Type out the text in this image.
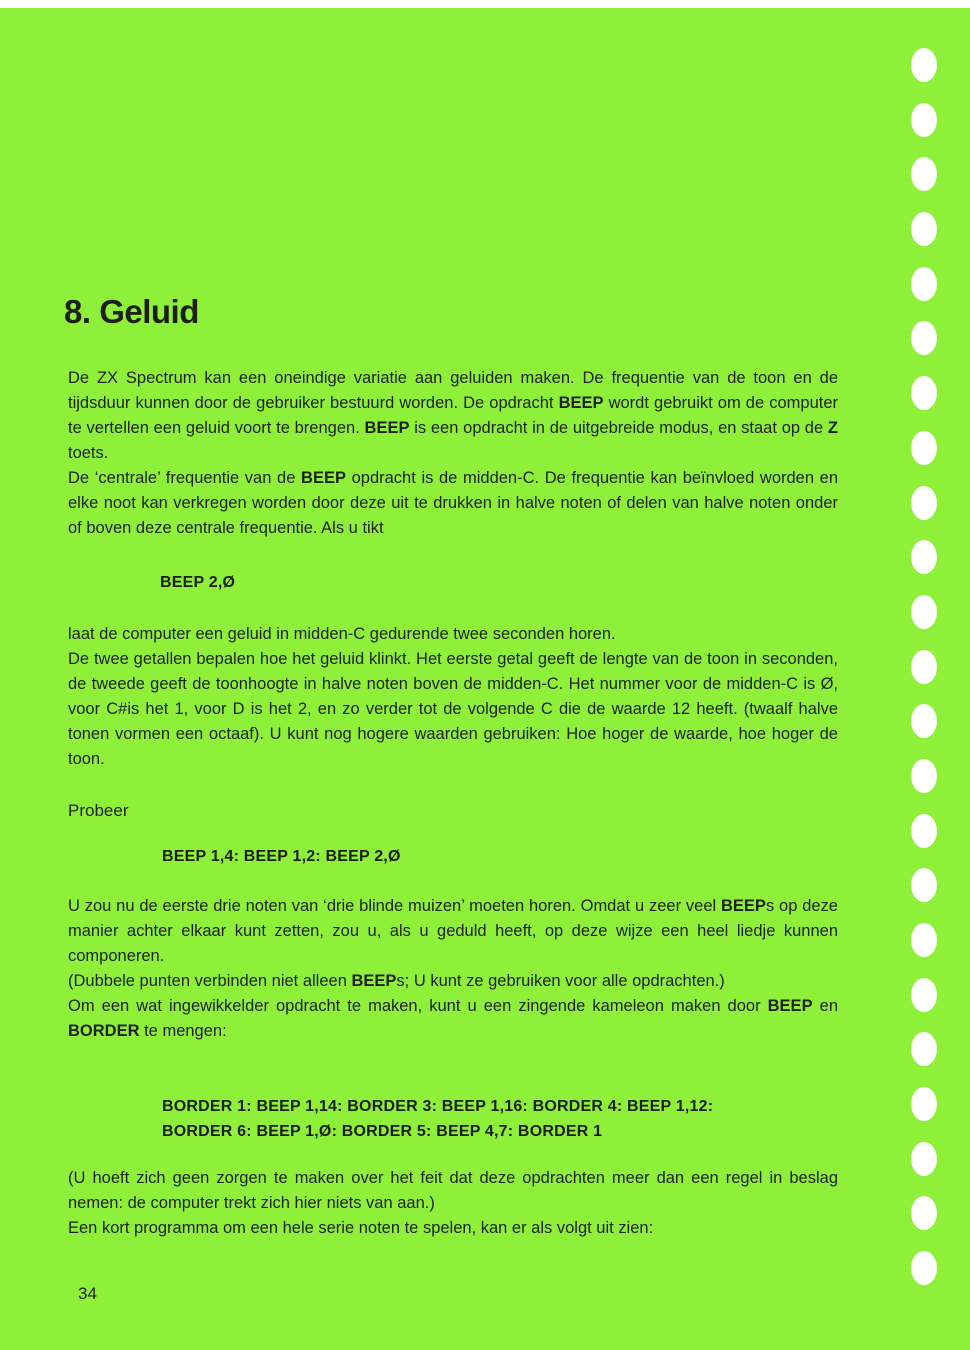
8. Geluid

De ZX Spectrum kan een oneindige variatie aan geluiden maken. De frequentie van de toon en de tijdsduur kunnen door de gebruiker bestuurd worden. De opdracht BEEP wordt gebruikt om de computer te vertellen een geluid voort te brengen. BEEP is een opdracht in de uitgebreide modus, en staat op de Z toets.

De ‘centrale’ frequentie van de BEEP opdracht is de midden-C. De frequentie kan beïnvloed worden en elke noot kan verkregen worden door deze uit te drukken in halve noten of delen van halve noten onder of boven deze centrale frequentie. Als u tikt

BEEP 2,Ø

laat de computer een geluid in midden-C gedurende twee seconden horen.

De twee getallen bepalen hoe het geluid klinkt. Het eerste getal geeft de lengte van de toon in seconden, de tweede geeft de toonhoogte in halve noten boven de midden-C. Het nummer voor de midden-C is Ø, voor C#is het 1, voor D is het 2, en zo verder tot de volgende C die de waarde 12 heeft. (twaalf halve tonen vormen een octaaf). U kunt nog hogere waarden gebruiken: Hoe hoger de waarde, hoe hoger de toon.

Probeer
BEEP 1,4: BEEP 1,2: BEEP 2,Ø

U zou nu de eerste drie noten van ‘drie blinde muizen’ moeten horen. Omdat u zeer veel BEEPs op deze manier achter elkaar kunt zetten, zou u, als u geduld heeft, op deze wijze een heel liedje kunnen componeren.

(Dubbele punten verbinden niet alleen BEEPs; U kunt ze gebruiken voor alle opdrachten.)

Om een wat ingewikkelder opdracht te maken, kunt u een zingende kameleon maken door BEEP en BORDER te mengen:

BORDER 1: BEEP 1,14: BORDER 3: BEEP 1,16: BORDER 4: BEEP 1,12:
BORDER 6: BEEP 1,Ø: BORDER 5: BEEP 4,7: BORDER 1

(U hoeft zich geen zorgen te maken over het feit dat deze opdrachten meer dan een regel in beslag nemen: de computer trekt zich hier niets van aan.)

Een kort programma om een hele serie noten te spelen, kan er als volgt uit zien:

34
